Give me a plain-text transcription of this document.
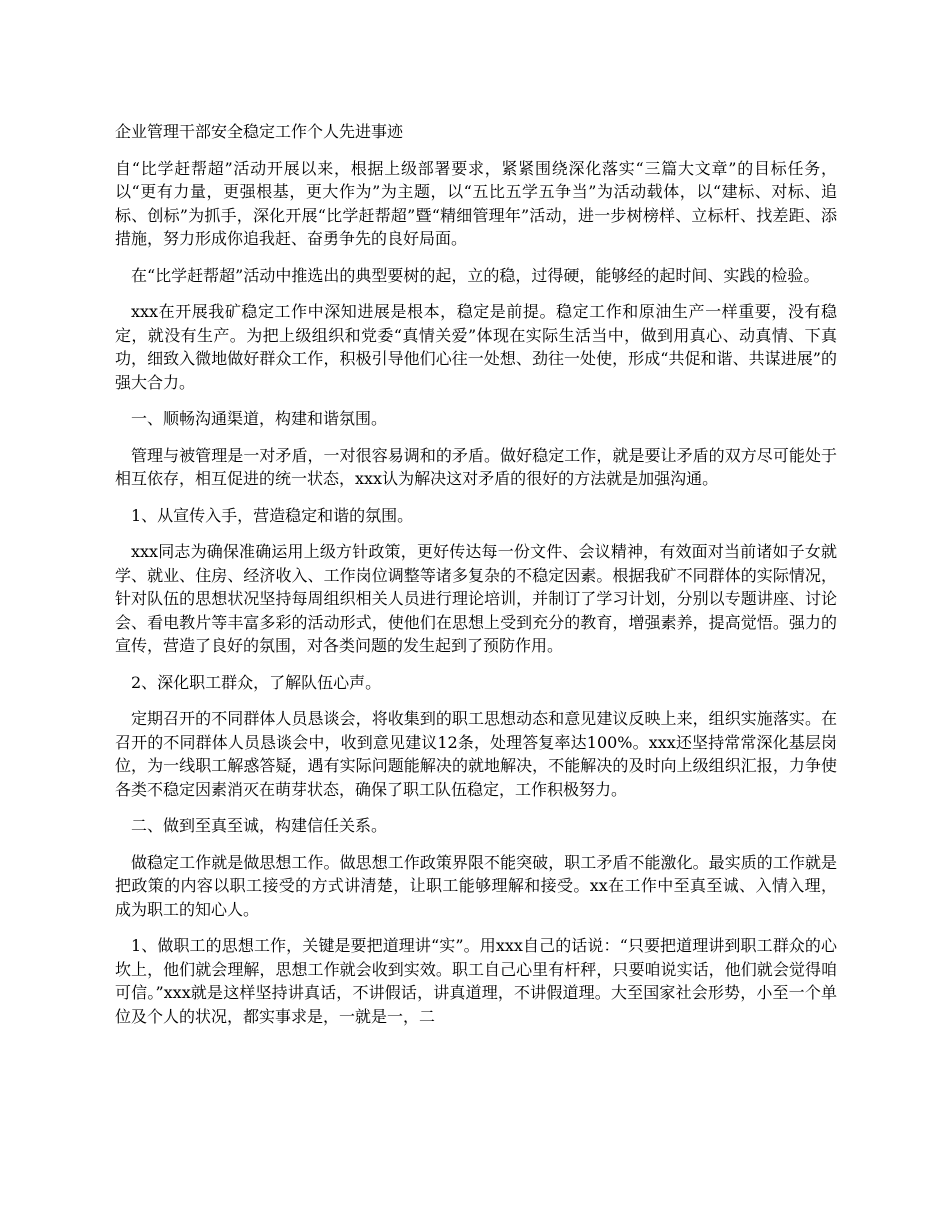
企业管理干部安全稳定工作个人先进事迹

自“比学赶帮超”活动开展以来，根据上级部署要求，紧紧围绕深化落实“三篇大文章”的目标任务，以“更有力量，更强根基，更大作为”为主题，以“五比五学五争当”为活动载体，以“建标、对标、追标、创标”为抓手，深化开展“比学赶帮超”暨“精细管理年”活动，进一步树榜样、立标杆、找差距、添措施，努力形成你追我赶、奋勇争先的良好局面。

在“比学赶帮超”活动中推选出的典型要树的起，立的稳，过得硬，能够经的起时间、实践的检验。

xxx在开展我矿稳定工作中深知进展是根本，稳定是前提。稳定工作和原油生产一样重要，没有稳定，就没有生产。为把上级组织和党委“真情关爱”体现在实际生活当中，做到用真心、动真情、下真功，细致入微地做好群众工作，积极引导他们心往一处想、劲往一处使，形成“共促和谐、共谋进展”的强大合力。

一、顺畅沟通渠道，构建和谐氛围。

管理与被管理是一对矛盾，一对很容易调和的矛盾。做好稳定工作，就是要让矛盾的双方尽可能处于相互依存，相互促进的统一状态，xxx认为解决这对矛盾的很好的方法就是加强沟通。

1、从宣传入手，营造稳定和谐的氛围。

xxx同志为确保准确运用上级方针政策，更好传达每一份文件、会议精神，有效面对当前诸如子女就学、就业、住房、经济收入、工作岗位调整等诸多复杂的不稳定因素。根据我矿不同群体的实际情况，针对队伍的思想状况坚持每周组织相关人员进行理论培训，并制订了学习计划，分别以专题讲座、讨论会、看电教片等丰富多彩的活动形式，使他们在思想上受到充分的教育，增强素养，提高觉悟。强力的宣传，营造了良好的氛围，对各类问题的发生起到了预防作用。

2、深化职工群众，了解队伍心声。

定期召开的不同群体人员恳谈会，将收集到的职工思想动态和意见建议反映上来，组织实施落实。在召开的不同群体人员恳谈会中，收到意见建议12条，处理答复率达100%。xxx还坚持常常深化基层岗位，为一线职工解惑答疑，遇有实际问题能解决的就地解决，不能解决的及时向上级组织汇报，力争使各类不稳定因素消灭在萌芽状态，确保了职工队伍稳定，工作积极努力。

二、做到至真至诚，构建信任关系。

做稳定工作就是做思想工作。做思想工作政策界限不能突破，职工矛盾不能激化。最实质的工作就是把政策的内容以职工接受的方式讲清楚，让职工能够理解和接受。xx在工作中至真至诚、入情入理，成为职工的知心人。

1、做职工的思想工作，关键是要把道理讲“实”。用xxx自己的话说：“只要把道理讲到职工群众的心坎上，他们就会理解，思想工作就会收到实效。职工自己心里有杆秤，只要咱说实话，他们就会觉得咱可信。”xxx就是这样坚持讲真话，不讲假话，讲真道理，不讲假道理。大至国家社会形势，小至一个单位及个人的状况，都实事求是，一就是一，二
